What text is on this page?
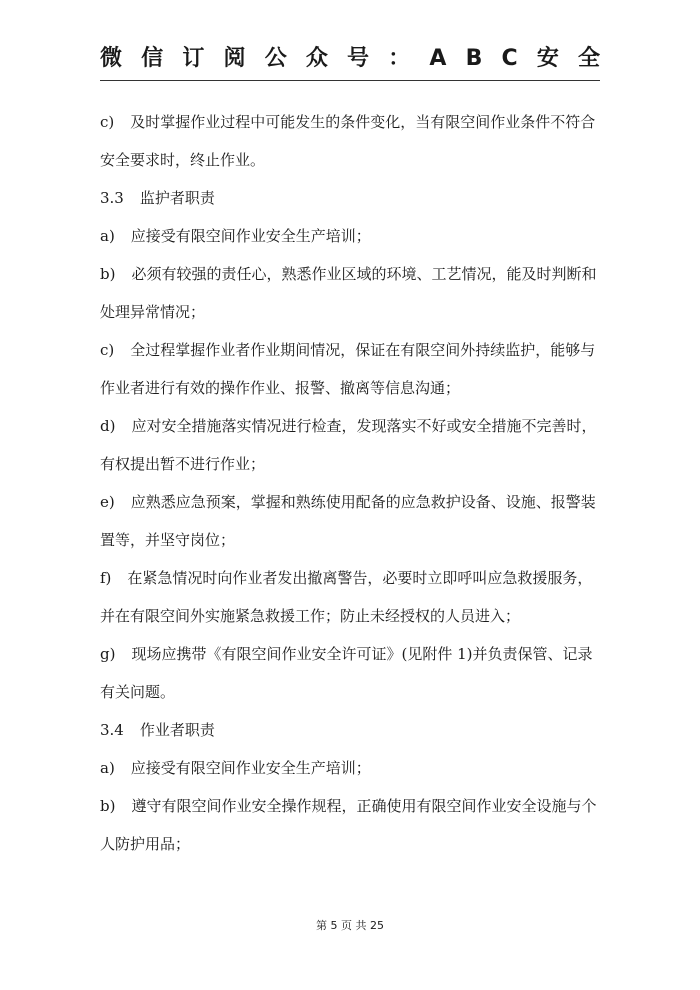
微 信 订 阅 公 众 号 ： A B C 安 全

c) 及时掌握作业过程中可能发生的条件变化，当有限空间作业条件不符合安全要求时，终止作业。

3.3 监护者职责

a) 应接受有限空间作业安全生产培训；

b) 必须有较强的责任心，熟悉作业区域的环境、工艺情况，能及时判断和处理异常情况；

c) 全过程掌握作业者作业期间情况，保证在有限空间外持续监护，能够与作业者进行有效的操作作业、报警、撤离等信息沟通；

d) 应对安全措施落实情况进行检查，发现落实不好或安全措施不完善时，有权提出暂不进行作业；

e) 应熟悉应急预案，掌握和熟练使用配备的应急救护设备、设施、报警装置等，并坚守岗位；

f) 在紧急情况时向作业者发出撤离警告，必要时立即呼叫应急救援服务，并在有限空间外实施紧急救援工作；防止未经授权的人员进入；

g) 现场应携带《有限空间作业安全许可证》(见附件 1)并负责保管、记录有关问题。

3.4 作业者职责

a) 应接受有限空间作业安全生产培训；

b) 遵守有限空间作业安全操作规程，正确使用有限空间作业安全设施与个人防护用品；

第 5 页 共 25
